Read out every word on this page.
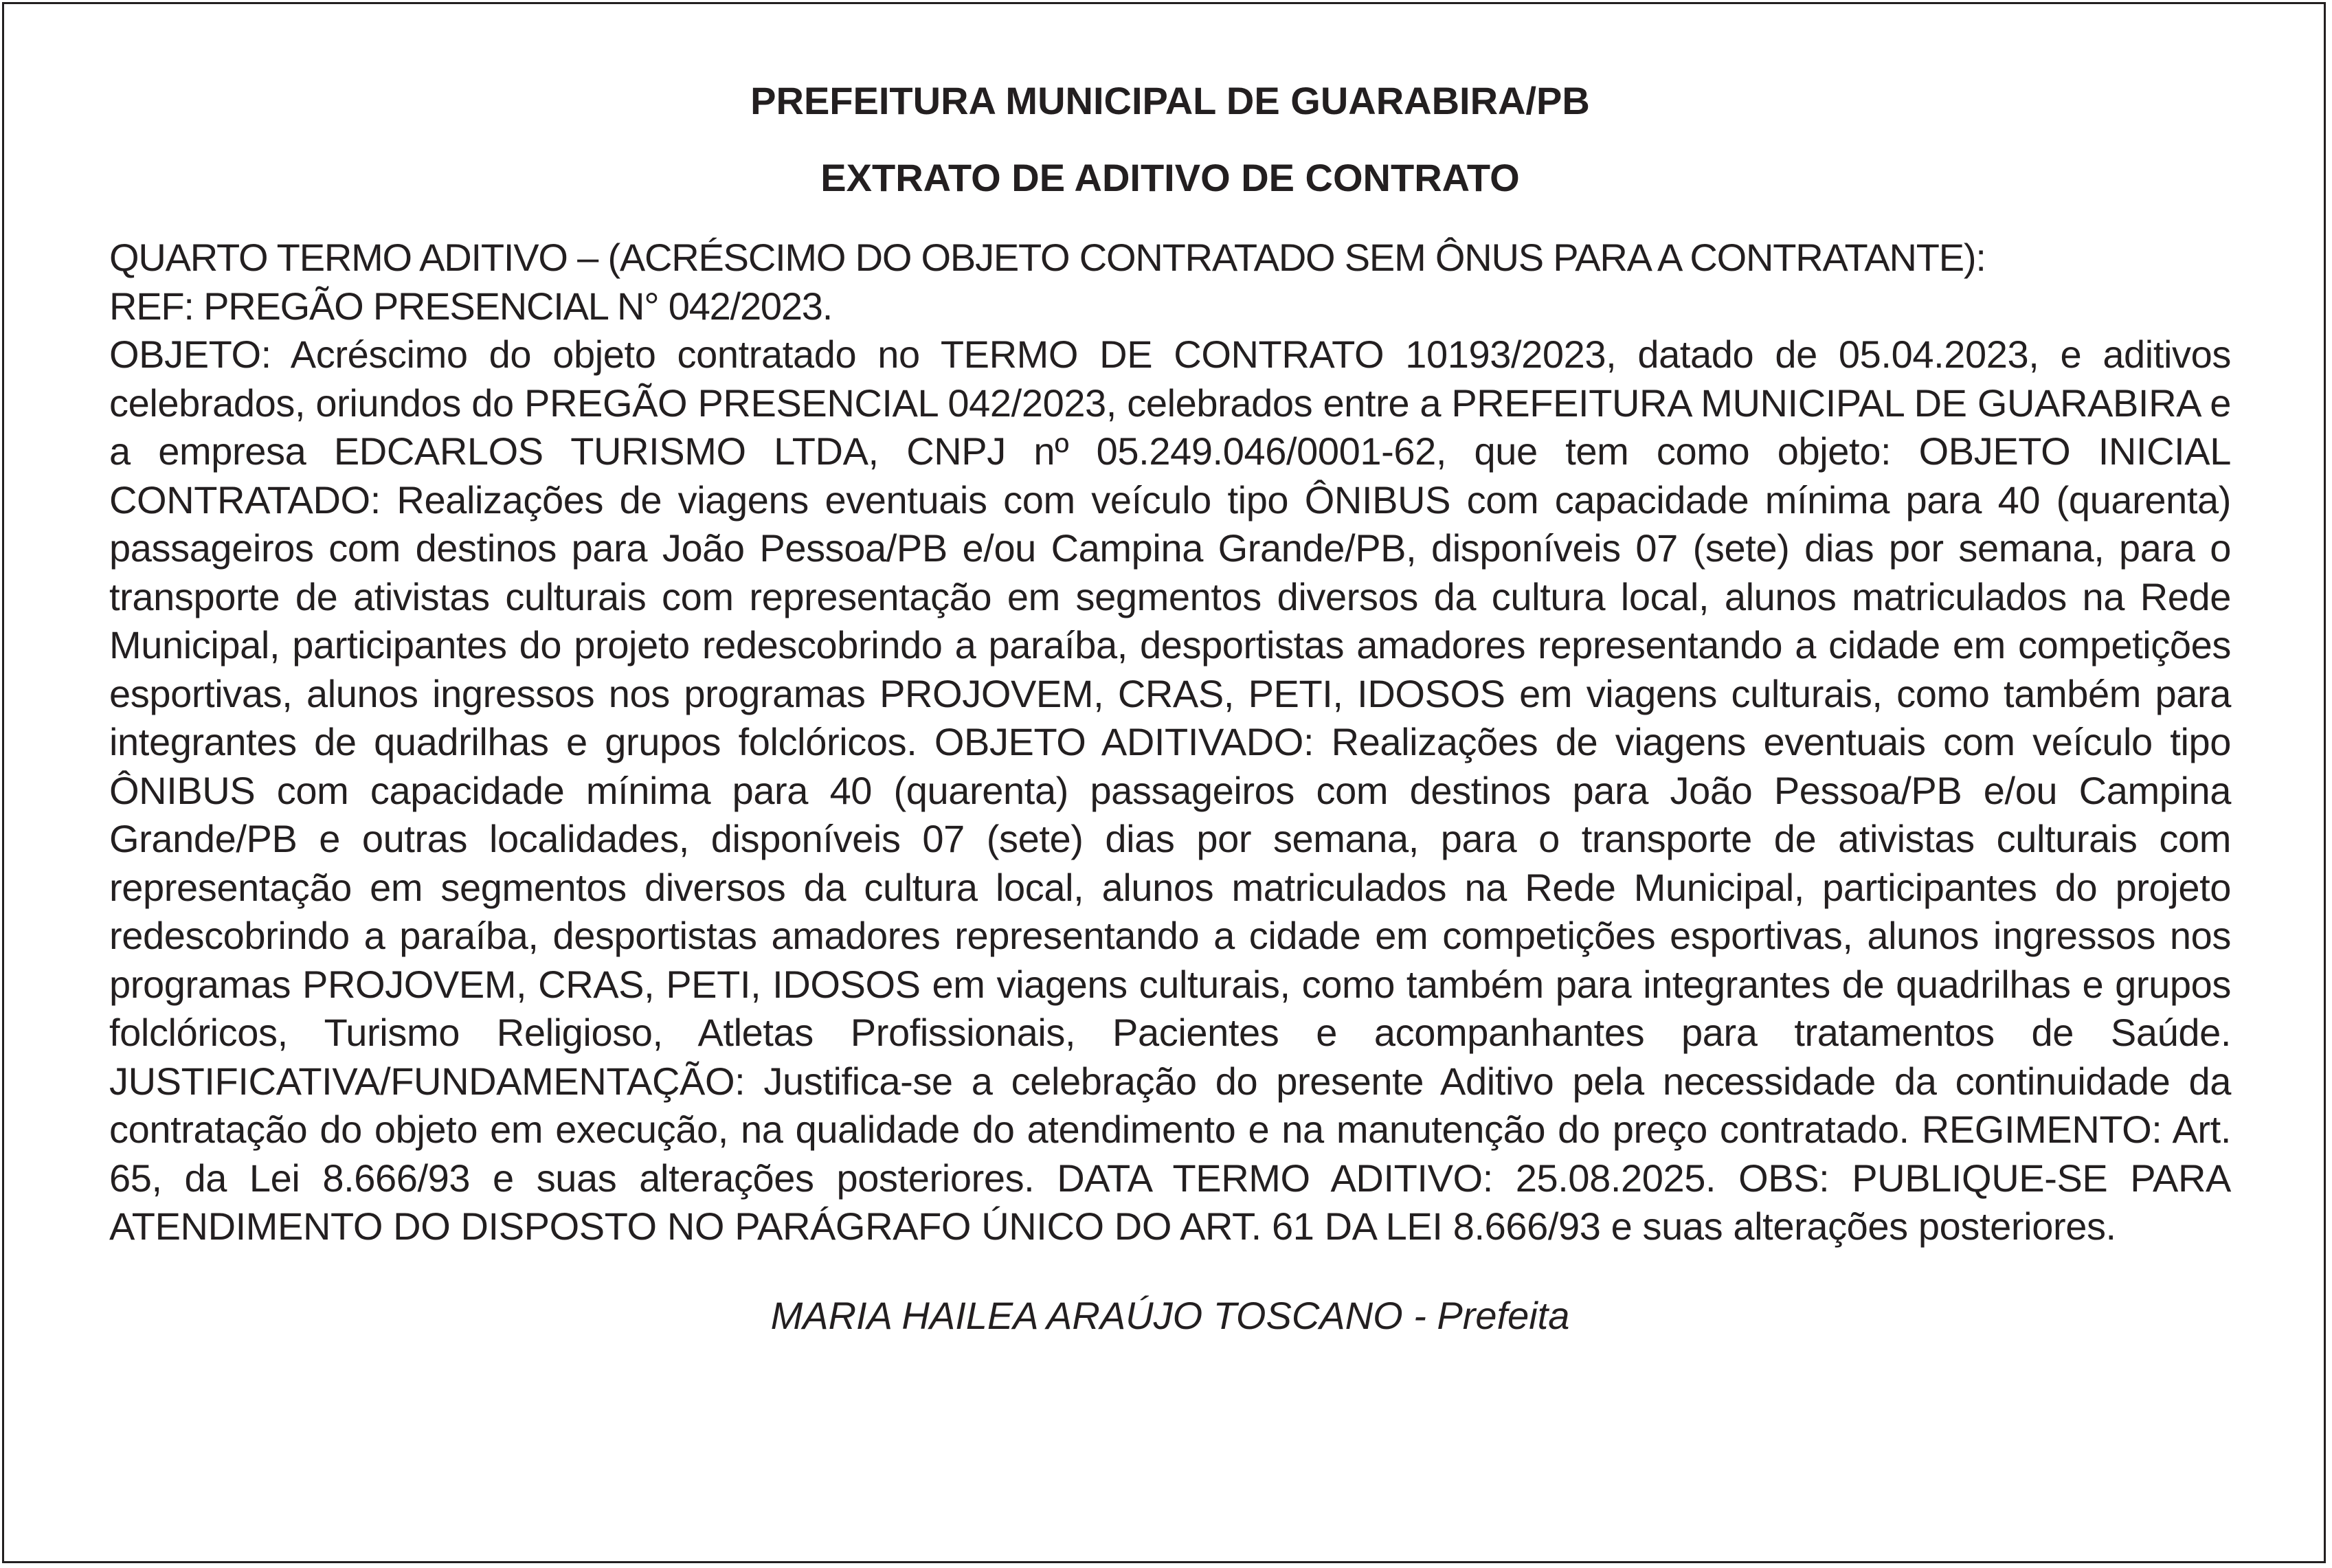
PREFEITURA MUNICIPAL DE GUARABIRA/PB
EXTRATO DE ADITIVO DE CONTRATO
QUARTO TERMO ADITIVO – (ACRÉSCIMO DO OBJETO CONTRATADO SEM ÔNUS PARA A CONTRATANTE):
REF: PREGÃO PRESENCIAL N° 042/2023.
OBJETO: Acréscimo do objeto contratado no TERMO DE CONTRATO 10193/2023, datado de 05.04.2023, e aditivos celebrados, oriundos do PREGÃO PRESENCIAL 042/2023, celebrados entre a PREFEITURA MUNICIPAL DE GUARABIRA e a empresa EDCARLOS TURISMO LTDA, CNPJ nº 05.249.046/0001-62, que tem como objeto: OBJETO INICIAL CONTRATADO: Realizações de viagens eventuais com veículo tipo ÔNIBUS com capacidade mínima para 40 (quarenta) passageiros com destinos para João Pessoa/PB e/ou Campina Grande/PB, disponíveis 07 (sete) dias por semana, para o transporte de ativistas culturais com representação em segmentos diversos da cultura local, alunos matriculados na Rede Municipal, participantes do projeto redescobrindo a paraíba, desportistas amadores representando a cidade em competições esportivas, alunos ingressos nos programas PROJOVEM, CRAS, PETI, IDOSOS em viagens culturais, como também para integrantes de quadrilhas e grupos folclóricos. OBJETO ADITIVADO: Realizações de viagens eventuais com veículo tipo ÔNIBUS com capacidade mínima para 40 (quarenta) passageiros com destinos para João Pessoa/PB e/ou Campina Grande/PB e outras localidades, disponíveis 07 (sete) dias por semana, para o transporte de ativistas culturais com representação em segmentos diversos da cultura local, alunos matriculados na Rede Municipal, participantes do projeto redescobrindo a paraíba, desportistas amadores representando a cidade em competições esportivas, alunos ingressos nos programas PROJOVEM, CRAS, PETI, IDOSOS em viagens culturais, como também para integrantes de quadrilhas e grupos folclóricos, Turismo Religioso, Atletas Profissionais, Pacientes e acompanhantes para tratamentos de Saúde. JUSTIFICATIVA/FUNDAMENTAÇÃO: Justifica-se a celebração do presente Aditivo pela necessidade da continuidade da contratação do objeto em execução, na qualidade do atendimento e na manutenção do preço contratado. REGIMENTO: Art. 65, da Lei 8.666/93 e suas alterações posteriores. DATA TERMO ADITIVO: 25.08.2025. OBS: PUBLIQUE-SE PARA ATENDIMENTO DO DISPOSTO NO PARÁGRAFO ÚNICO DO ART. 61 DA LEI 8.666/93 e suas alterações posteriores.
MARIA HAILEA ARAÚJO TOSCANO - Prefeita
